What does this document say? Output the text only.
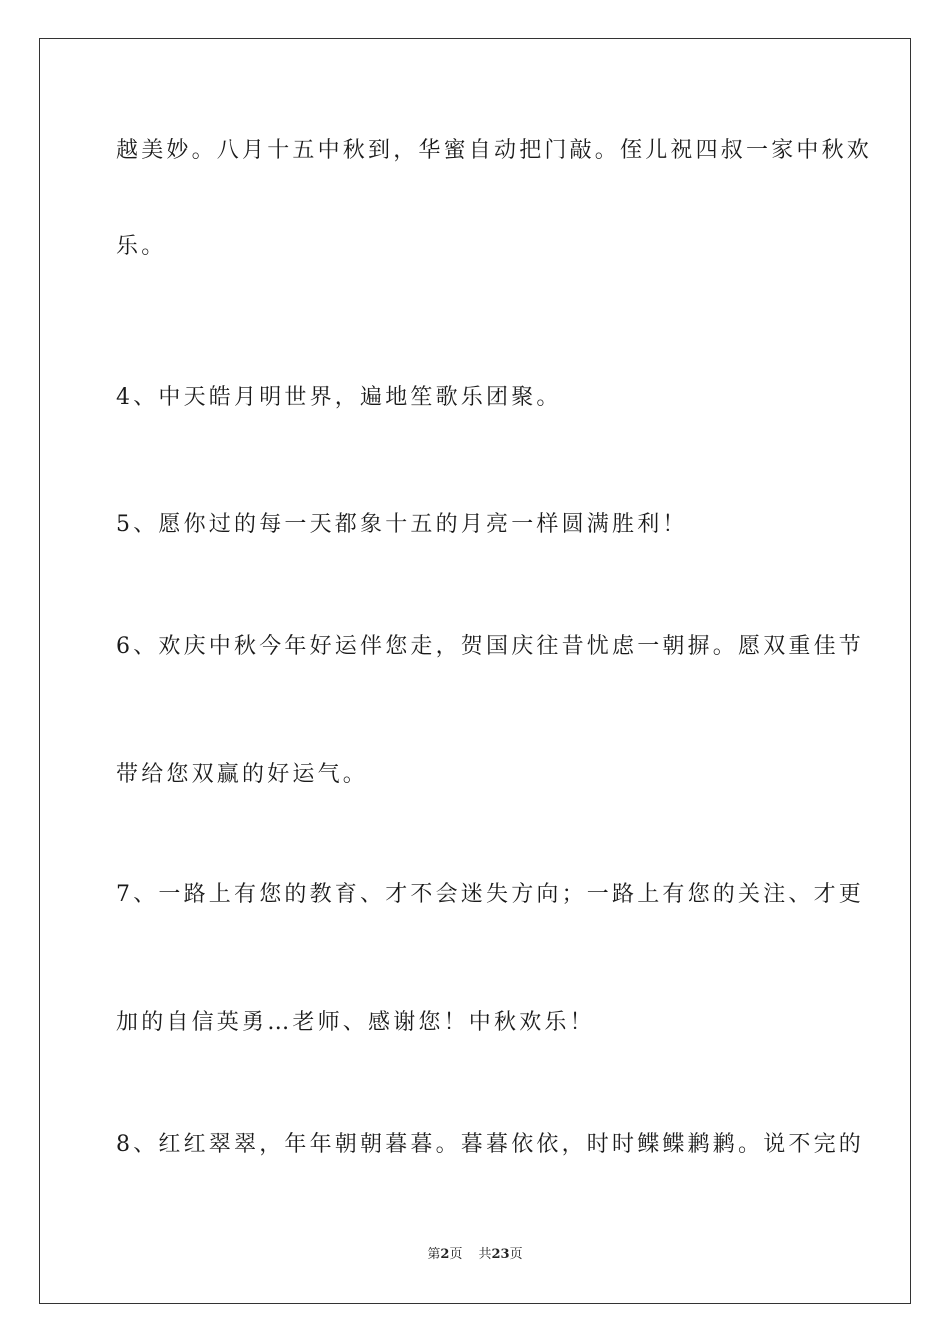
越美妙。八月十五中秋到，华蜜自动把门敲。侄儿祝四叔一家中秋欢
乐。
4、中天皓月明世界，遍地笙歌乐团聚。
5、愿你过的每一天都象十五的月亮一样圆满胜利！
6、欢庆中秋今年好运伴您走，贺国庆往昔忧虑一朝摒。愿双重佳节
带给您双赢的好运气。
7、一路上有您的教育、才不会迷失方向；一路上有您的关注、才更
加的自信英勇…老师、感谢您！中秋欢乐！
8、红红翠翠，年年朝朝暮暮。暮暮依依，时时鲽鲽鹣鹣。说不完的
第2页 共23页
